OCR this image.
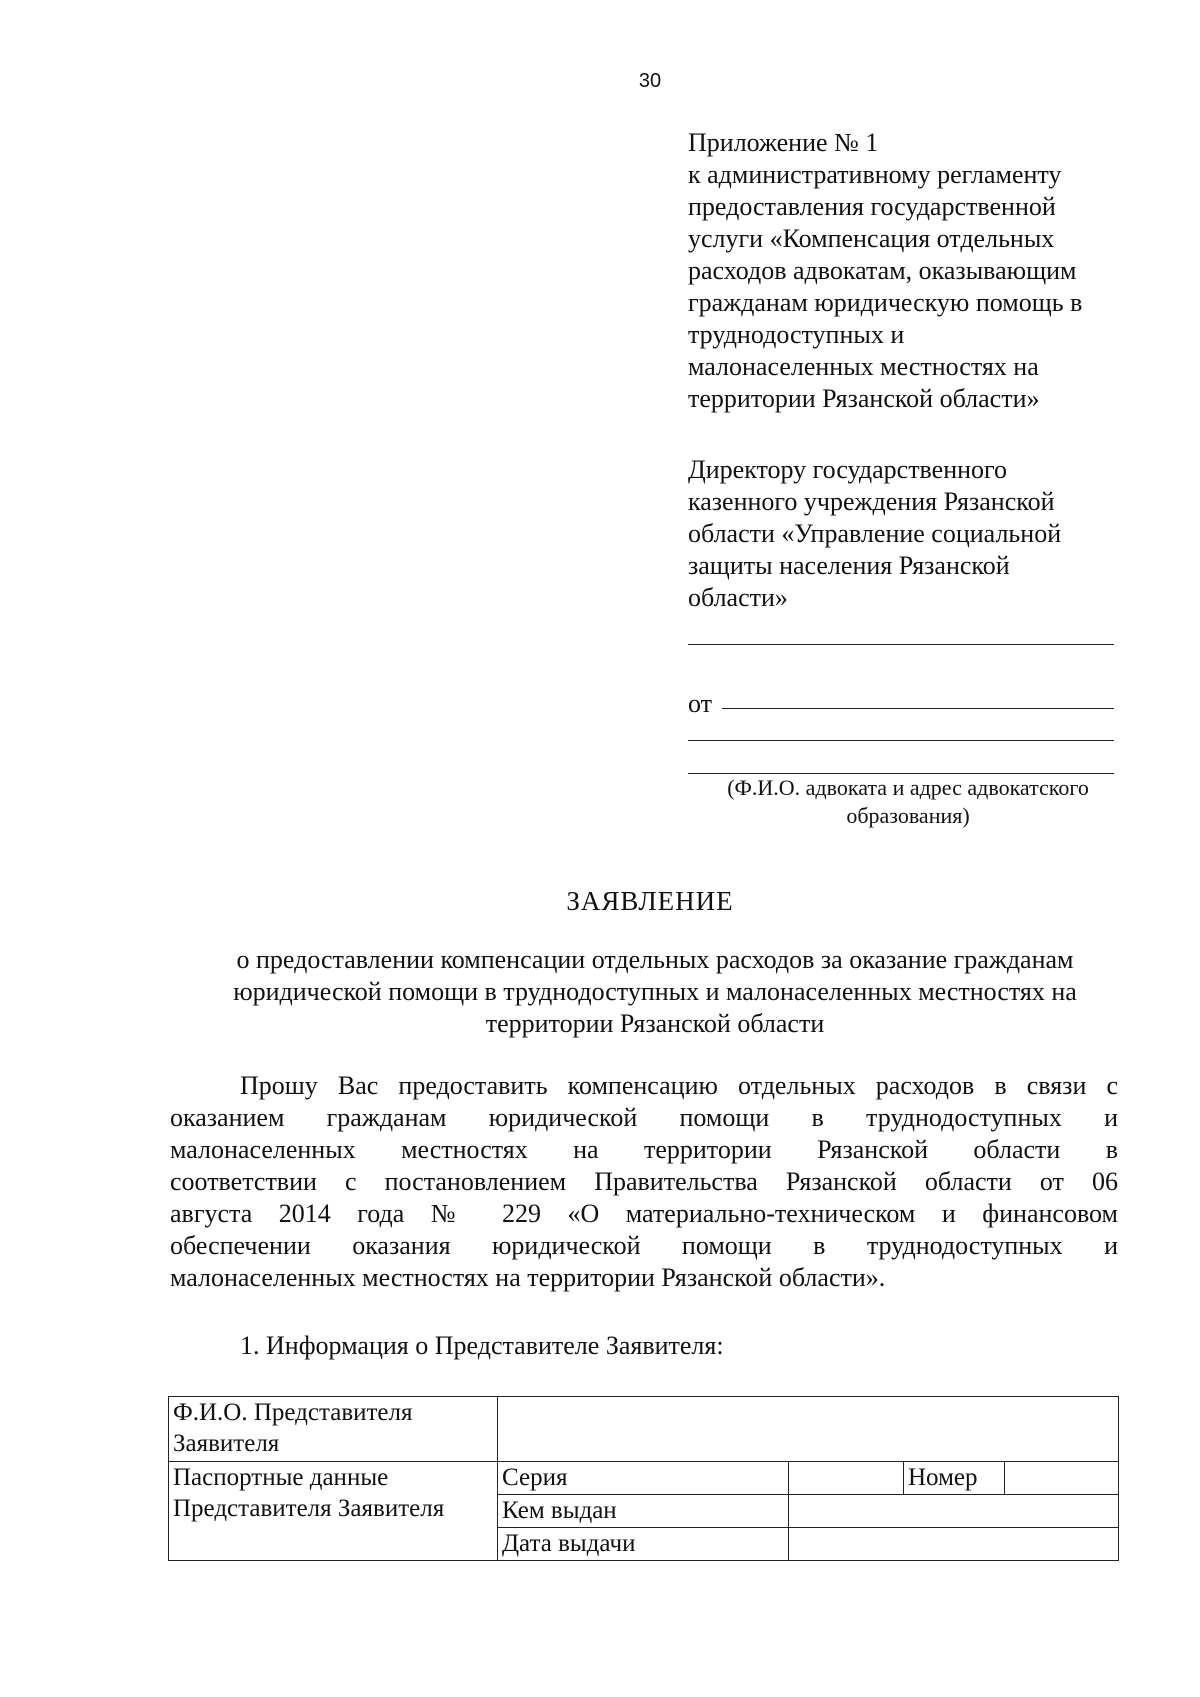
30
Приложение № 1
к административному регламенту
предоставления государственной
услуги «Компенсация отдельных
расходов адвокатам, оказывающим
гражданам юридическую помощь в
труднодоступных и
малонаселенных местностях на
территории Рязанской области»
Директору государственного
казенного учреждения Рязанской
области «Управление социальной
защиты населения Рязанской
области»
от
(Ф.И.О. адвоката и адрес адвокатского
образования)
ЗАЯВЛЕНИЕ
о предоставлении компенсации отдельных расходов за оказание гражданам
юридической помощи в труднодоступных и малонаселенных местностях на
территории Рязанской области
Прошу Вас предоставить компенсацию отдельных расходов в связи с
оказанием гражданам юридической помощи в труднодоступных и
малонаселенных местностях на территории Рязанской области в
соответствии с постановлением Правительства Рязанской области от 06
августа 2014 года № 229 «О материально-техническом и финансовом
обеспечении оказания юридической помощи в труднодоступных и
малонаселенных местностях на территории Рязанской области».
1. Информация о Представителе Заявителя:
Ф.И.О. Представителя Заявителя				
Паспортные данные Представителя Заявителя	Серия		Номер	
	Кем выдан			
	Дата выдачи			
